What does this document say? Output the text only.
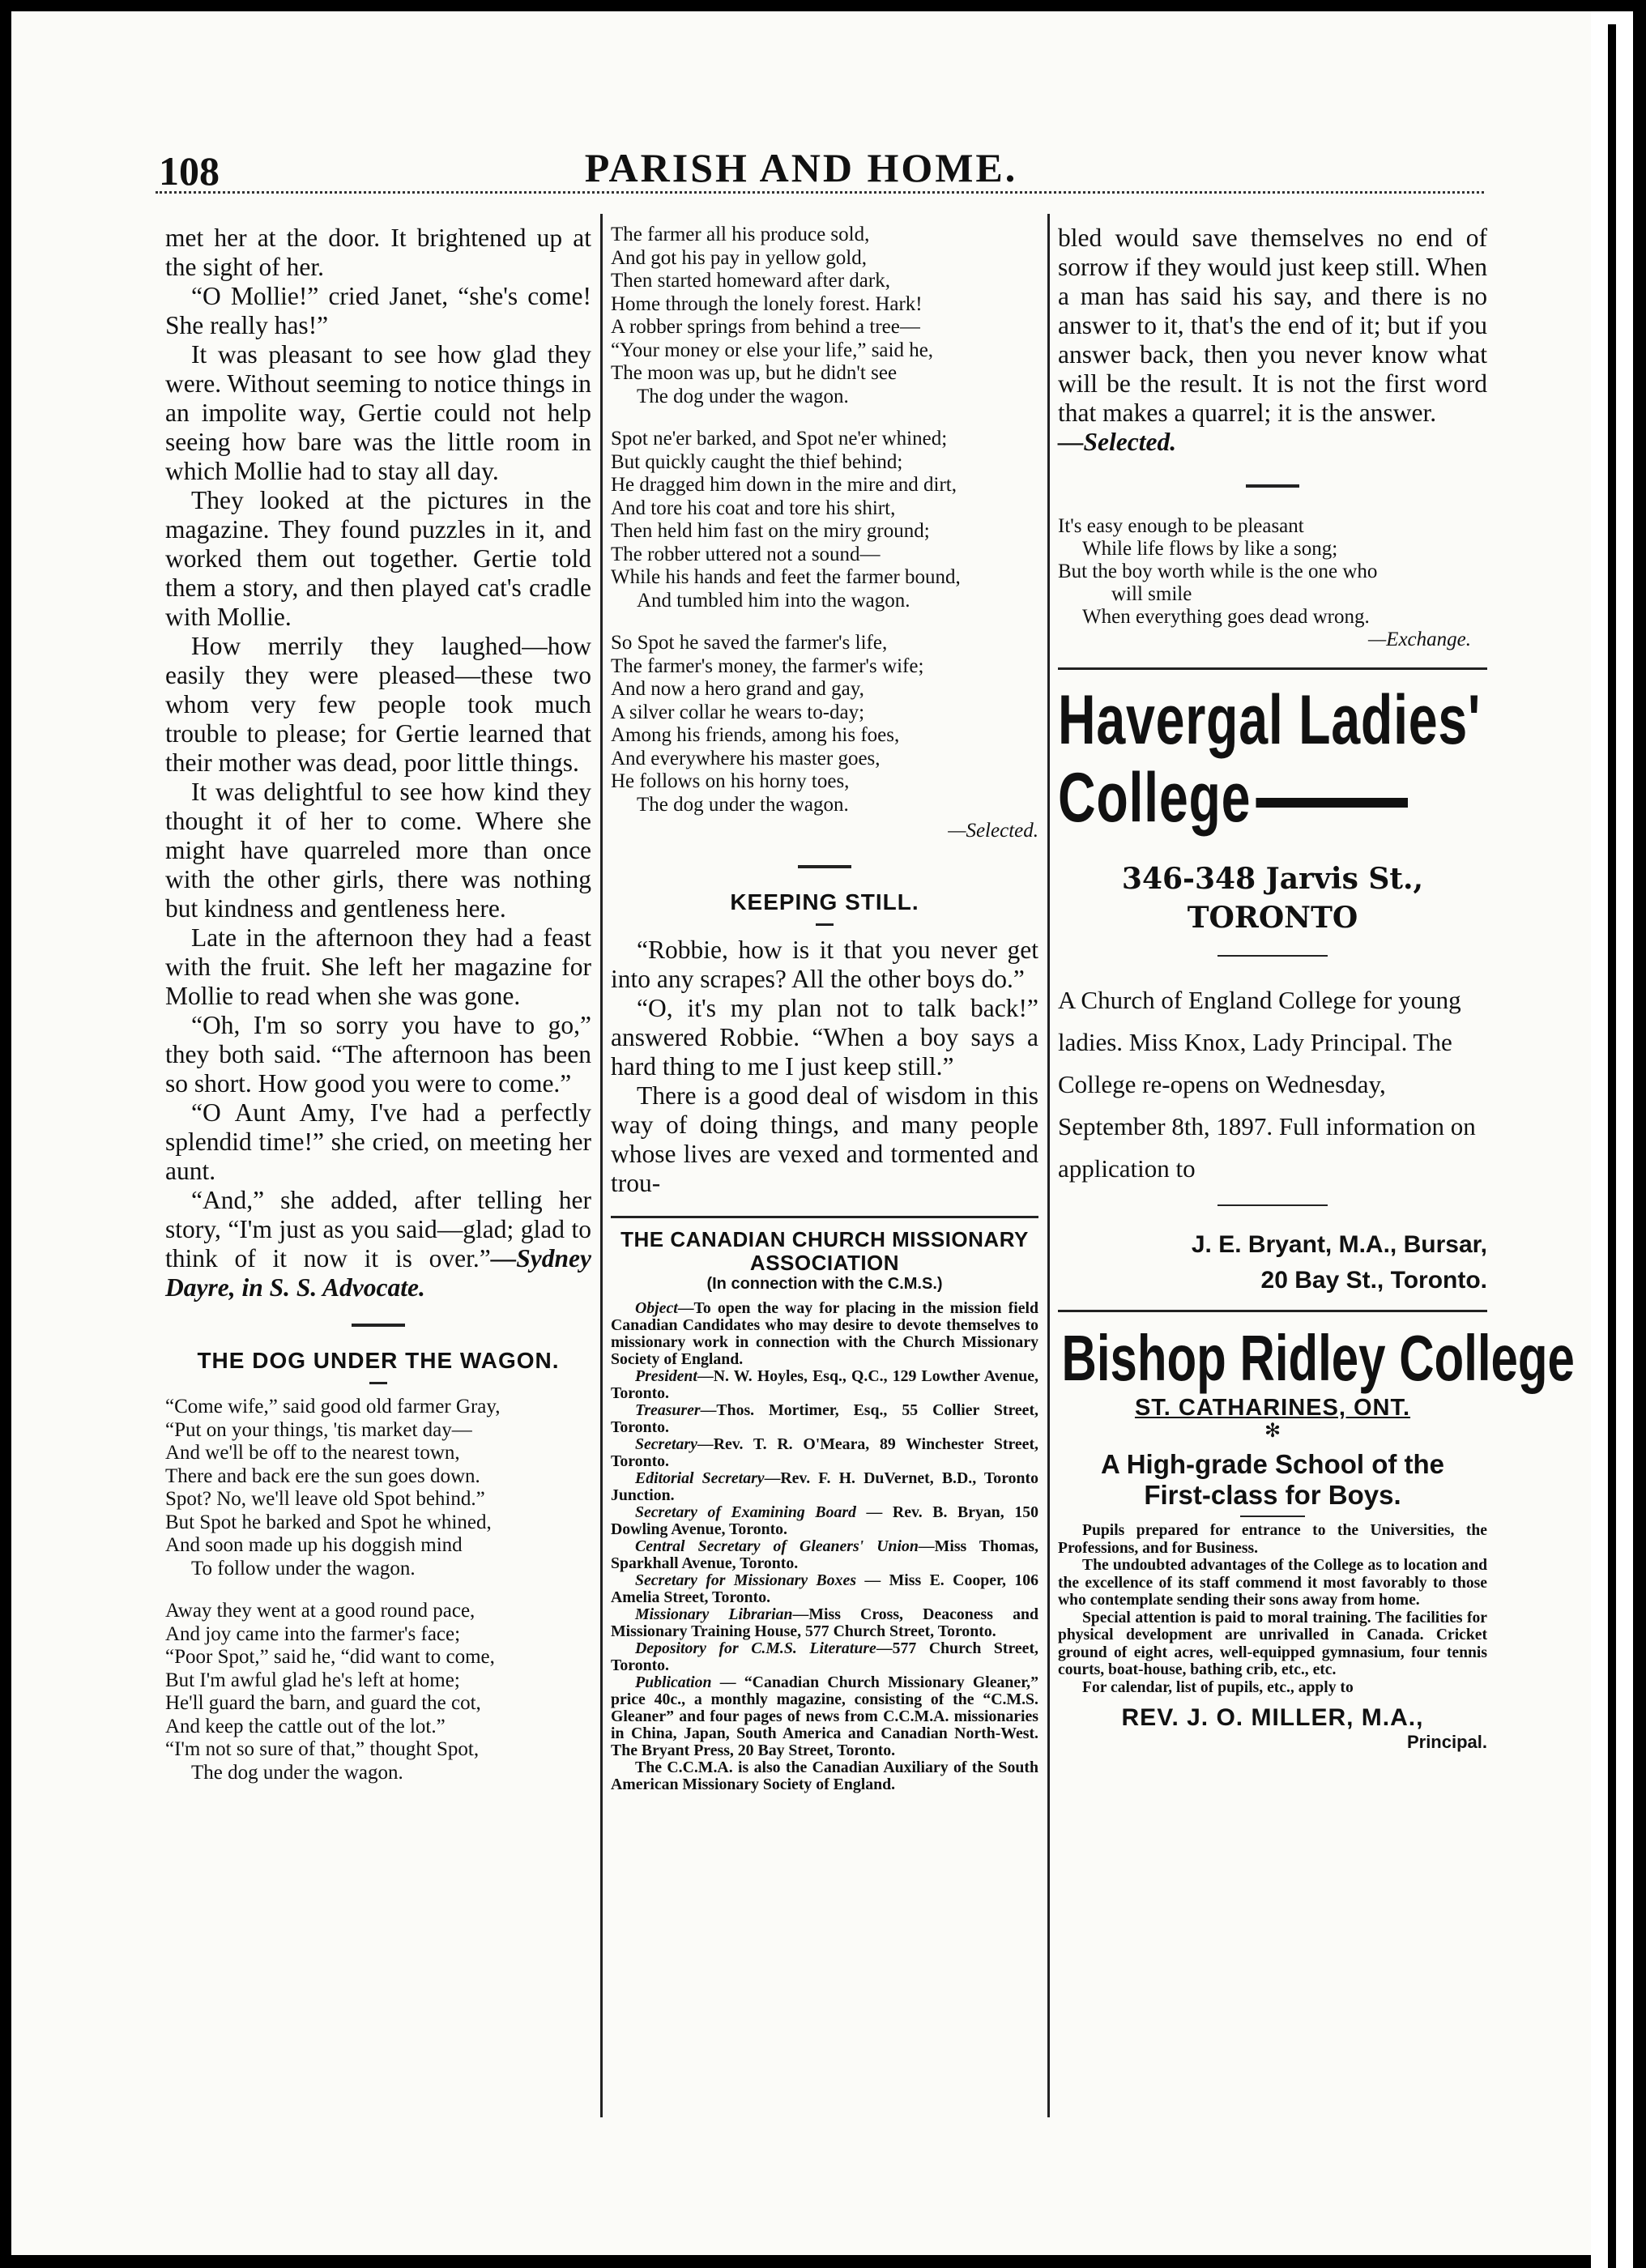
108	PARISH AND HOME.

met her at the door. It brightened up at the sight of her.

“O Mollie!” cried Janet, “she's come! She really has!”

It was pleasant to see how glad they were. Without seeming to notice things in an impolite way, Gertie could not help seeing how bare was the little room in which Mollie had to stay all day.

They looked at the pictures in the magazine. They found puzzles in it, and worked them out together. Gertie told them a story, and then played cat's cradle with Mollie.

How merrily they laughed—how easily they were pleased—these two whom very few people took much trouble to please; for Gertie learned that their mother was dead, poor little things.

It was delightful to see how kind they thought it of her to come. Where she might have quarreled more than once with the other girls, there was nothing but kindness and gentleness here.

Late in the afternoon they had a feast with the fruit. She left her magazine for Mollie to read when she was gone.

“Oh, I'm so sorry you have to go,” they both said. “The afternoon has been so short. How good you were to come.”

“O Aunt Amy, I've had a perfectly splendid time!” she cried, on meeting her aunt.

“And,” she added, after telling her story, “I'm just as you said—glad; glad to think of it now it is over.”—Sydney Dayre, in S. S. Advocate.

THE DOG UNDER THE WAGON.
“Come wife,” said good old farmer Gray,
“Put on your things, 'tis market day—
And we'll be off to the nearest town,
There and back ere the sun goes down.
Spot? No, we'll leave old Spot behind.”
But Spot he barked and Spot he whined,
And soon made up his doggish mind
To follow under the wagon.
Away they went at a good round pace,
And joy came into the farmer's face;
“Poor Spot,” said he, “did want to come,
But I'm awful glad he's left at home;
He'll guard the barn, and guard the cot,
And keep the cattle out of the lot.”
“I'm not so sure of that,” thought Spot,
The dog under the wagon.
The farmer all his produce sold,
And got his pay in yellow gold,
Then started homeward after dark,
Home through the lonely forest. Hark!
A robber springs from behind a tree—
“Your money or else your life,” said he,
The moon was up, but he didn't see
The dog under the wagon.
Spot ne'er barked, and Spot ne'er whined;
But quickly caught the thief behind;
He dragged him down in the mire and dirt,
And tore his coat and tore his shirt,
Then held him fast on the miry ground;
The robber uttered not a sound—
While his hands and feet the farmer bound,
And tumbled him into the wagon.
So Spot he saved the farmer's life,
The farmer's money, the farmer's wife;
And now a hero grand and gay,
A silver collar he wears to-day;
Among his friends, among his foes,
And everywhere his master goes,
He follows on his horny toes,
The dog under the wagon.
—Selected.
KEEPING STILL.

“Robbie, how is it that you never get into any scrapes? All the other boys do.”

“O, it's my plan not to talk back!” answered Robbie. “When a boy says a hard thing to me I just keep still.”

There is a good deal of wisdom in this way of doing things, and many people whose lives are vexed and tormented and trou-

THE CANADIAN CHURCH MISSIONARY ASSOCIATION
(In connection with the C.M.S.)

Object—To open the way for placing in the mission field Canadian Candidates who may desire to devote themselves to missionary work in connection with the Church Missionary Society of England.

President—N. W. Hoyles, Esq., Q.C., 129 Lowther Avenue, Toronto.

Treasurer—Thos. Mortimer, Esq., 55 Collier Street, Toronto.

Secretary—Rev. T. R. O'Meara, 89 Winchester Street, Toronto.

Editorial Secretary—Rev. F. H. DuVernet, B.D., Toronto Junction.

Secretary of Examining Board — Rev. B. Bryan, 150 Dowling Avenue, Toronto.

Central Secretary of Gleaners' Union—Miss Thomas, Sparkhall Avenue, Toronto.

Secretary for Missionary Boxes — Miss E. Cooper, 106 Amelia Street, Toronto.

Missionary Librarian—Miss Cross, Deaconess and Missionary Training House, 577 Church Street, Toronto.

Depository for C.M.S. Literature—577 Church Street, Toronto.

Publication — “Canadian Church Missionary Gleaner,” price 40c., a monthly magazine, consisting of the “C.M.S. Gleaner” and four pages of news from C.C.M.A. missionaries in China, Japan, South America and Canadian North-West. The Bryant Press, 20 Bay Street, Toronto.

The C.C.M.A. is also the Canadian Auxiliary of the South American Missionary Society of England.

bled would save themselves no end of sorrow if they would just keep still. When a man has said his say, and there is no answer to it, that's the end of it; but if you answer back, then you never know what will be the result. It is not the first word that makes a quarrel; it is the answer.
—Selected.

It's easy enough to be pleasant
While life flows by like a song;
But the boy worth while is the one who
will smile
When everything goes dead wrong.
—Exchange.
Havergal Ladies'
College
346-348 Jarvis St.,
TORONTO

A Church of England College for young ladies. Miss Knox, Lady Principal. The College re-opens on Wednesday, September 8th, 1897. Full information on application to

J. E. Bryant, M.A., Bursar,
20 Bay St., Toronto.
Bishop Ridley College
ST. CATHARINES, ONT.
✻
A High-grade School of the
First-class for Boys.

Pupils prepared for entrance to the Universities, the Professions, and for Business.

The undoubted advantages of the College as to location and the excellence of its staff commend it most favorably to those who contemplate sending their sons away from home.

Special attention is paid to moral training. The facilities for physical development are unrivalled in Canada. Cricket ground of eight acres, well-equipped gymnasium, four tennis courts, boat-house, bathing crib, etc., etc.

For calendar, list of pupils, etc., apply to

REV. J. O. MILLER, M.A.,
Principal.
